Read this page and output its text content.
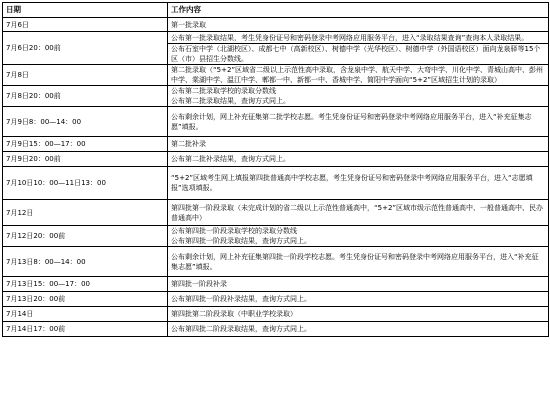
日期	工作内容
7月6日	第一批录取
7月6日20：00前	公布第一批录取结果，考生凭身份证号和密码登录中考网络应用服务平台，进入“录取结果查询”查询本人录取结果。
	公布石室中学（北湖校区）、成都七中（高新校区）、树德中学（光华校区）、树德中学（外国语校区）面向龙泉驿等15个区（市）县招生分数线。
7月8日	第二批录取（“5+2”区域省二级以上示范性高中录取，含龙泉中学、航天中学、大弯中学、川化中学、青城山高中、彭州中学、棠湖中学、温江中学、郫都一中、新都一中、香城中学、简阳中学面向“5+2”区域招生计划的录取）
7月8日20：00前	公布第二批录取学校的录取分数线
公布第二批录取结果，查询方式同上。
7月9日8：00—14：00	公布剩余计划，网上补充征集第二批学校志愿。考生凭身份证号和密码登录中考网络应用服务平台，进入“补充征集志愿”填报。
7月9日15：00—17：00	第二批补录
7月9日20：00前	公布第二批补录结果，查询方式同上。
7月10日10：00—11日13：00	“5+2”区域考生网上填报第四批普通高中学校志愿，考生凭身份证号和密码登录中考网络应用服务平台，进入“志愿填报”选项填报。
7月12日	第四批第一阶段录取（未完成计划的省二级以上示范性普通高中，“5+2”区域市级示范性普通高中、一般普通高中、民办普通高中）
7月12日20：00前	公布第四批一阶段录取学校的录取分数线
公布第四批一阶段录取结果，查询方式同上。
7月13日8：00—14：00	公布剩余计划，网上补充征集第四批一阶段学校志愿。考生凭身份证号和密码登录中考网络应用服务平台，进入“补充征集志愿”填报。
7月13日15：00—17：00	第四批一阶段补录
7月13日20：00前	公布第四批一阶段补录结果，查询方式同上。
7月14日	第四批第二阶段录取（中职业学校录取）
7月14日17：00前	公布第四批二阶段录取结果，查询方式同上。
